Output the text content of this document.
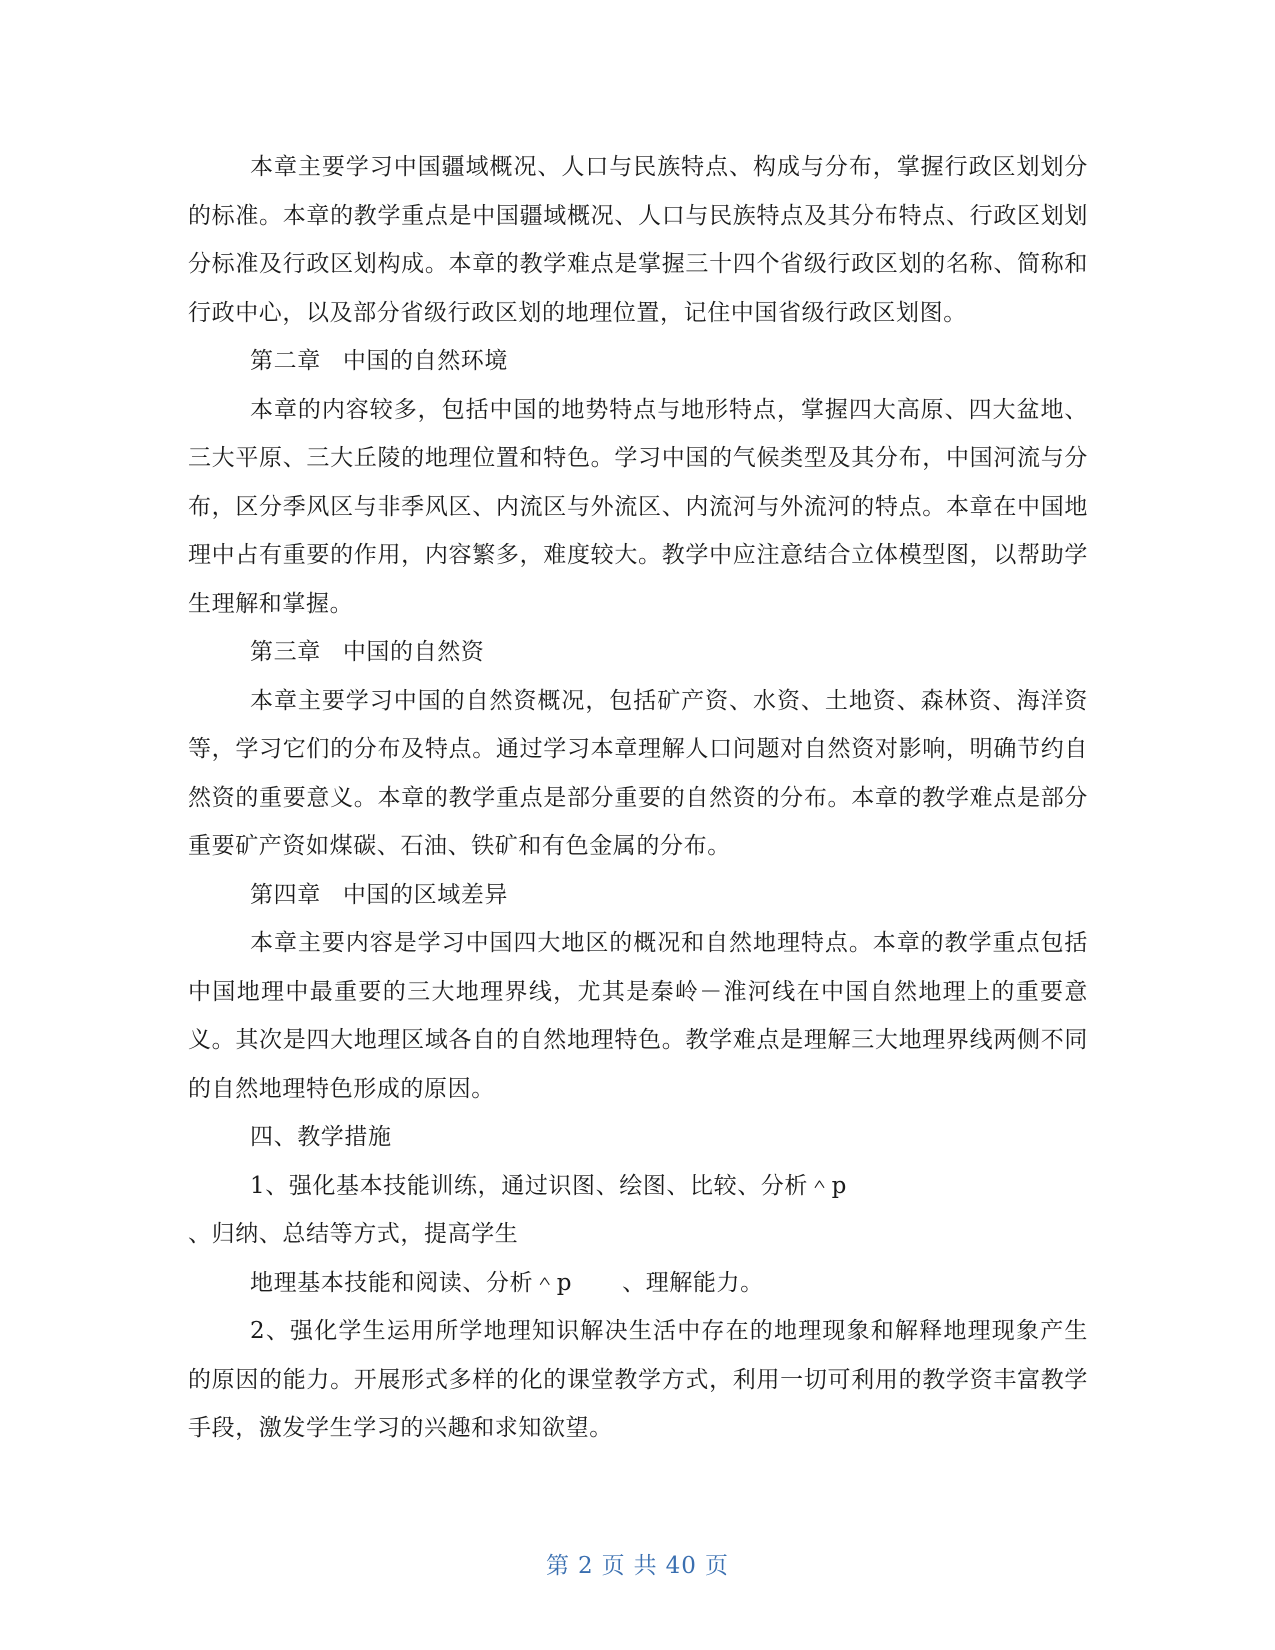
本章主要学习中国疆域概况、人口与民族特点、构成与分布，掌握行政区划划分的标准。本章的教学重点是中国疆域概况、人口与民族特点及其分布特点、行政区划划分标准及行政区划构成。本章的教学难点是掌握三十四个省级行政区划的名称、简称和行政中心，以及部分省级行政区划的地理位置，记住中国省级行政区划图。

第二章 中国的自然环境

本章的内容较多，包括中国的地势特点与地形特点，掌握四大高原、四大盆地、三大平原、三大丘陵的地理位置和特色。学习中国的气候类型及其分布，中国河流与分布，区分季风区与非季风区、内流区与外流区、内流河与外流河的特点。本章在中国地理中占有重要的作用，内容繁多，难度较大。教学中应注意结合立体模型图，以帮助学生理解和掌握。

第三章 中国的自然资

本章主要学习中国的自然资概况，包括矿产资、水资、土地资、森林资、海洋资等，学习它们的分布及特点。通过学习本章理解人口问题对自然资对影响，明确节约自然资的重要意义。本章的教学重点是部分重要的自然资的分布。本章的教学难点是部分重要矿产资如煤碳、石油、铁矿和有色金属的分布。

第四章 中国的区域差异

本章主要内容是学习中国四大地区的概况和自然地理特点。本章的教学重点包括中国地理中最重要的三大地理界线，尤其是秦岭－淮河线在中国自然地理上的重要意义。其次是四大地理区域各自的自然地理特色。教学难点是理解三大地理界线两侧不同的自然地理特色形成的原因。

四、教学措施

1、强化基本技能训练，通过识图、绘图、比较、分析＾p

、归纳、总结等方式，提高学生

地理基本技能和阅读、分析＾p 、理解能力。

2、强化学生运用所学地理知识解决生活中存在的地理现象和解释地理现象产生的原因的能力。开展形式多样的化的课堂教学方式，利用一切可利用的教学资丰富教学手段，激发学生学习的兴趣和求知欲望。

第 2 页 共 40 页
